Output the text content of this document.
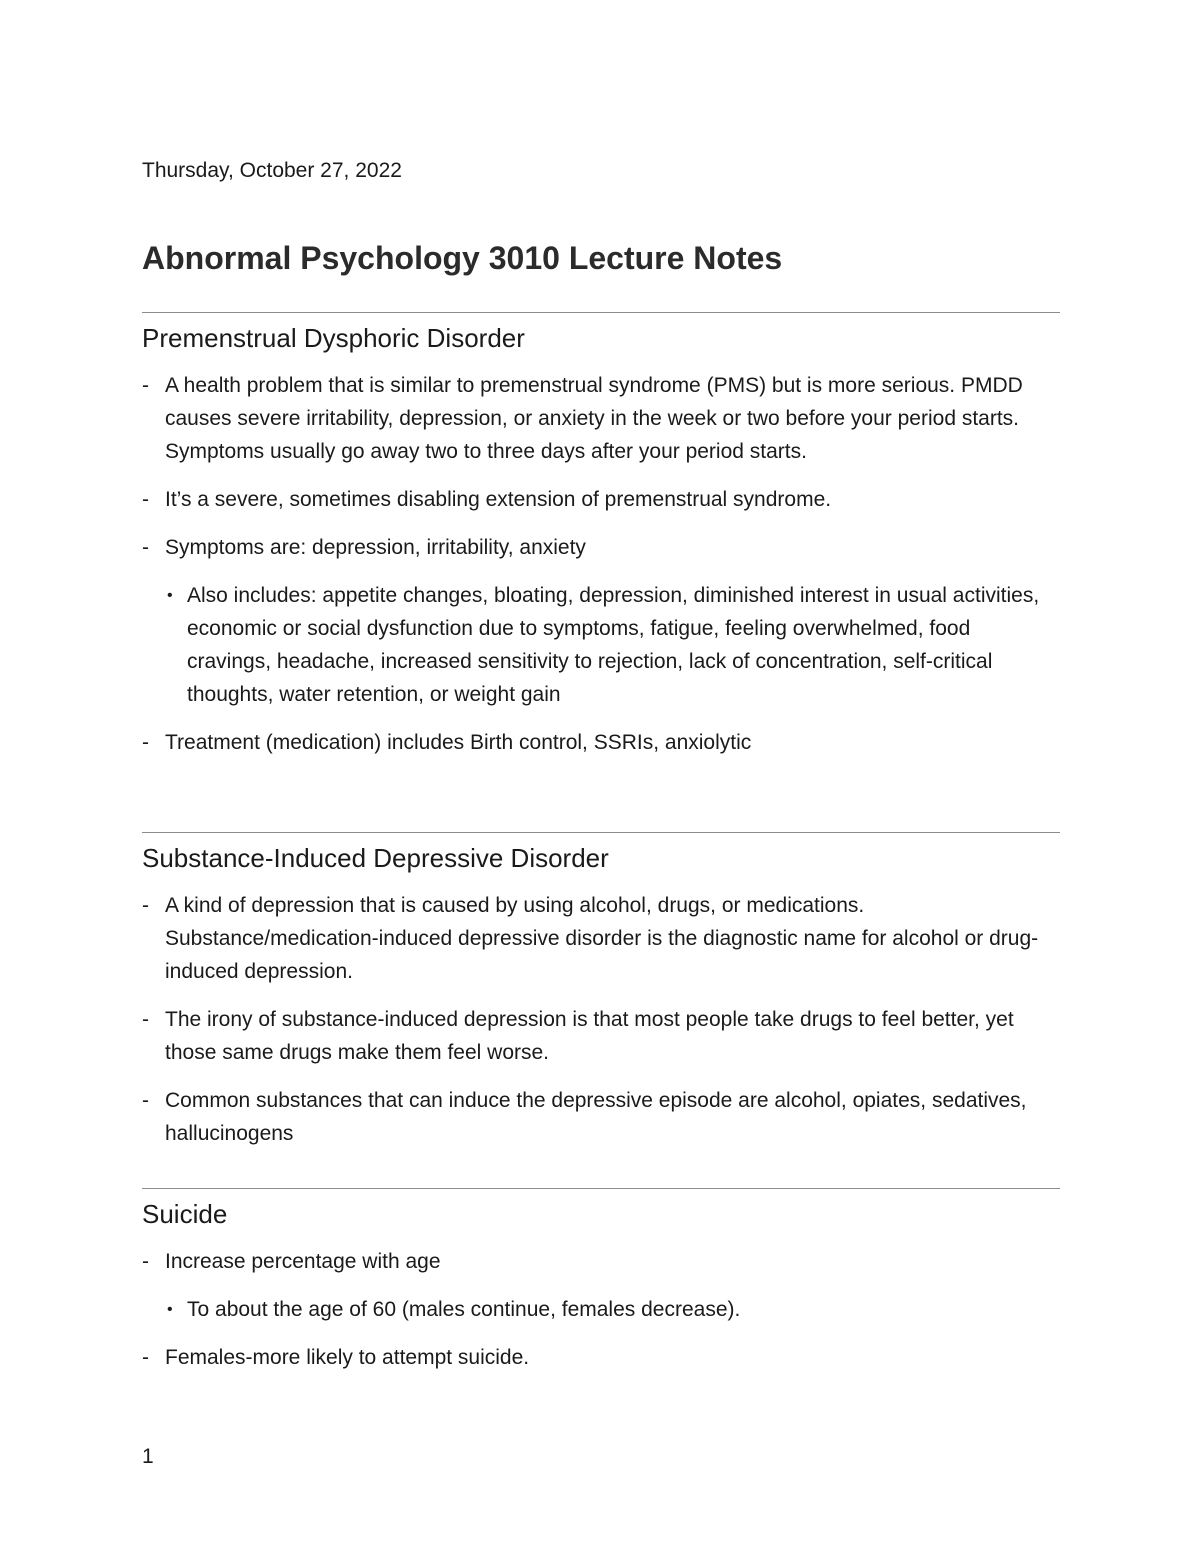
Thursday, October 27, 2022
Abnormal Psychology 3010 Lecture Notes
Premenstrual Dysphoric Disorder
- A health problem that is similar to premenstrual syndrome (PMS) but is more serious. PMDD causes severe irritability, depression, or anxiety in the week or two before your period starts. Symptoms usually go away two to three days after your period starts.
- It’s a severe, sometimes disabling extension of premenstrual syndrome.
- Symptoms are: depression, irritability, anxiety
• Also includes: appetite changes, bloating, depression, diminished interest in usual activities, economic or social dysfunction due to symptoms, fatigue, feeling overwhelmed, food cravings, headache, increased sensitivity to rejection, lack of concentration, self-critical thoughts, water retention, or weight gain
- Treatment (medication) includes Birth control, SSRIs, anxiolytic
Substance-Induced Depressive Disorder
- A kind of depression that is caused by using alcohol, drugs, or medications. Substance/medication-induced depressive disorder is the diagnostic name for alcohol or drug-induced depression.
- The irony of substance-induced depression is that most people take drugs to feel better, yet those same drugs make them feel worse.
- Common substances that can induce the depressive episode are alcohol, opiates, sedatives, hallucinogens
Suicide
- Increase percentage with age
• To about the age of 60 (males continue, females decrease).
- Females-more likely to attempt suicide.
1
